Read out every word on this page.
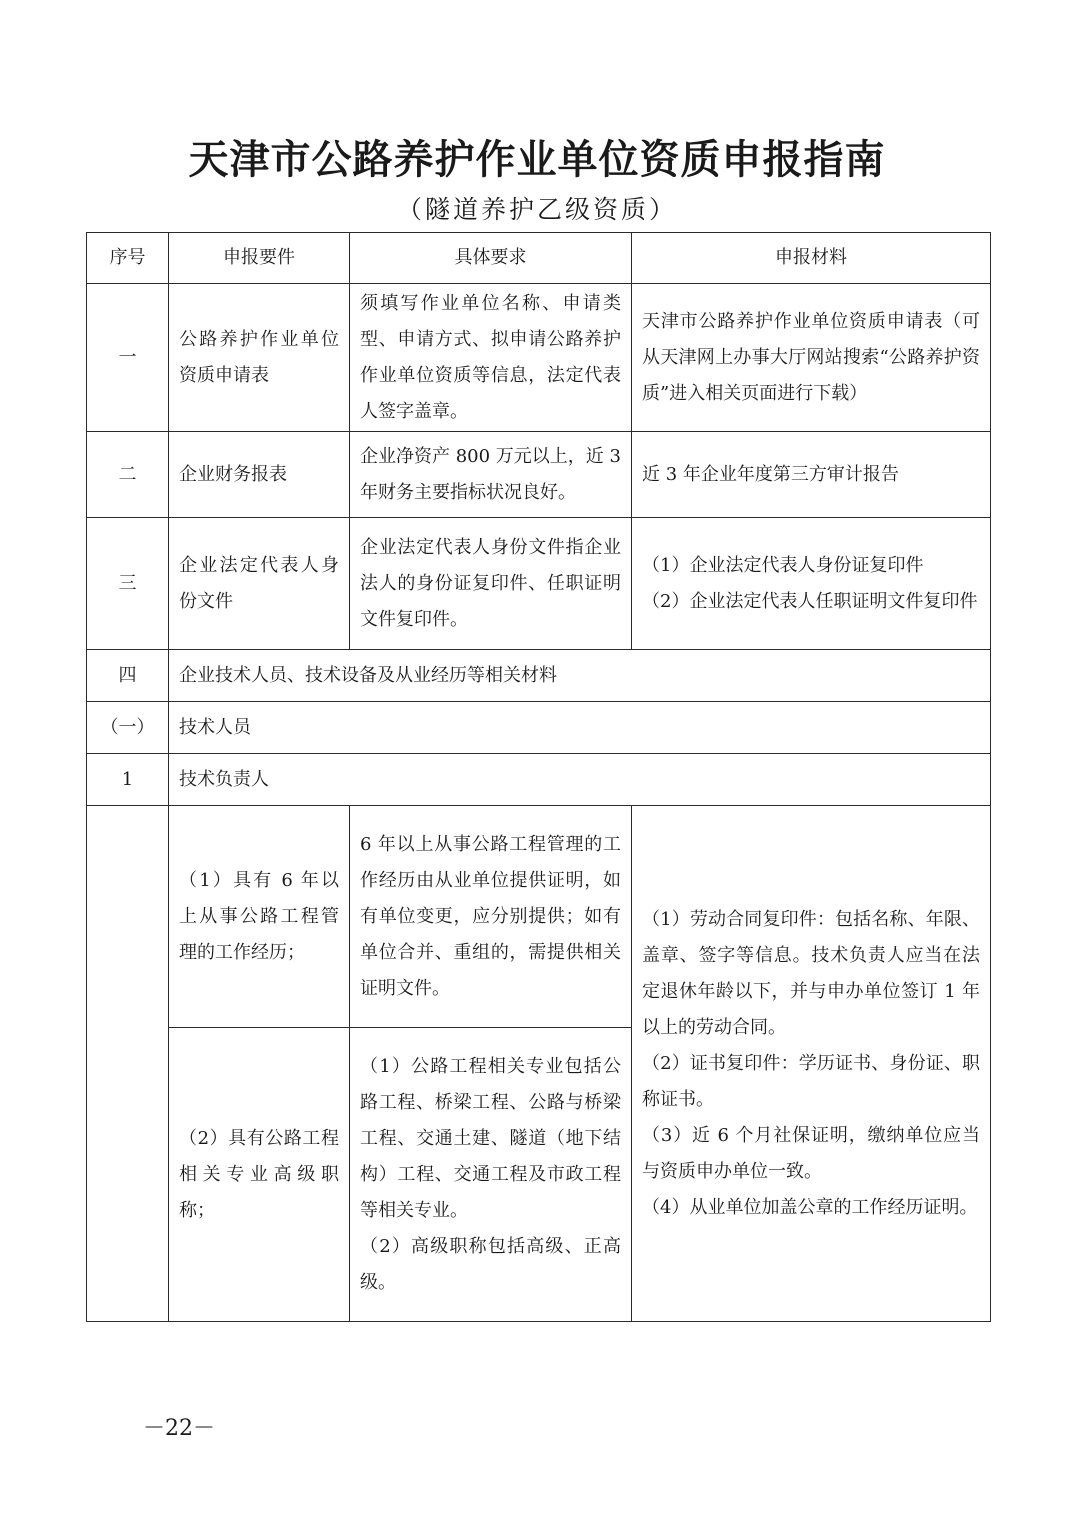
天津市公路养护作业单位资质申报指南
（隧道养护乙级资质）
序号	申报要件	具体要求	申报材料
一	公路养护作业单位资质申请表	须填写作业单位名称、申请类型、申请方式、拟申请公路养护作业单位资质等信息，法定代表人签字盖章。	天津市公路养护作业单位资质申请表（可从天津网上办事大厅网站搜索“公路养护资质”进入相关页面进行下载）
二	企业财务报表	企业净资产 800 万元以上，近 3 年财务主要指标状况良好。	近 3 年企业年度第三方审计报告
三	企业法定代表人身份文件	企业法定代表人身份文件指企业法人的身份证复印件、任职证明文件复印件。	（1）企业法定代表人身份证复印件
（2）企业法定代表人任职证明文件复印件

四	企业技术人员、技术设备及从业经历等相关材料		
（一）	技术人员		
1	技术负责人		
	（1）具有 6 年以上从事公路工程管理的工作经历；	6 年以上从事公路工程管理的工作经历由从业单位提供证明，如有单位变更，应分别提供；如有单位合并、重组的，需提供相关证明文件。	（1）劳动合同复印件：包括名称、年限、盖章、签字等信息。技术负责人应当在法定退休年龄以下，并与申办单位签订 1 年以上的劳动合同。
（2）证书复印件：学历证书、身份证、职称证书。
（3）近 6 个月社保证明，缴纳单位应当与资质申办单位一致。
（4）从业单位加盖公章的工作经历证明。

	（2）具有公路工程相关专业高级职称；	（1）公路工程相关专业包括公路工程、桥梁工程、公路与桥梁工程、交通土建、隧道（地下结构）工程、交通工程及市政工程等相关专业。
（2）高级职称包括高级、正高级。	
－22－
